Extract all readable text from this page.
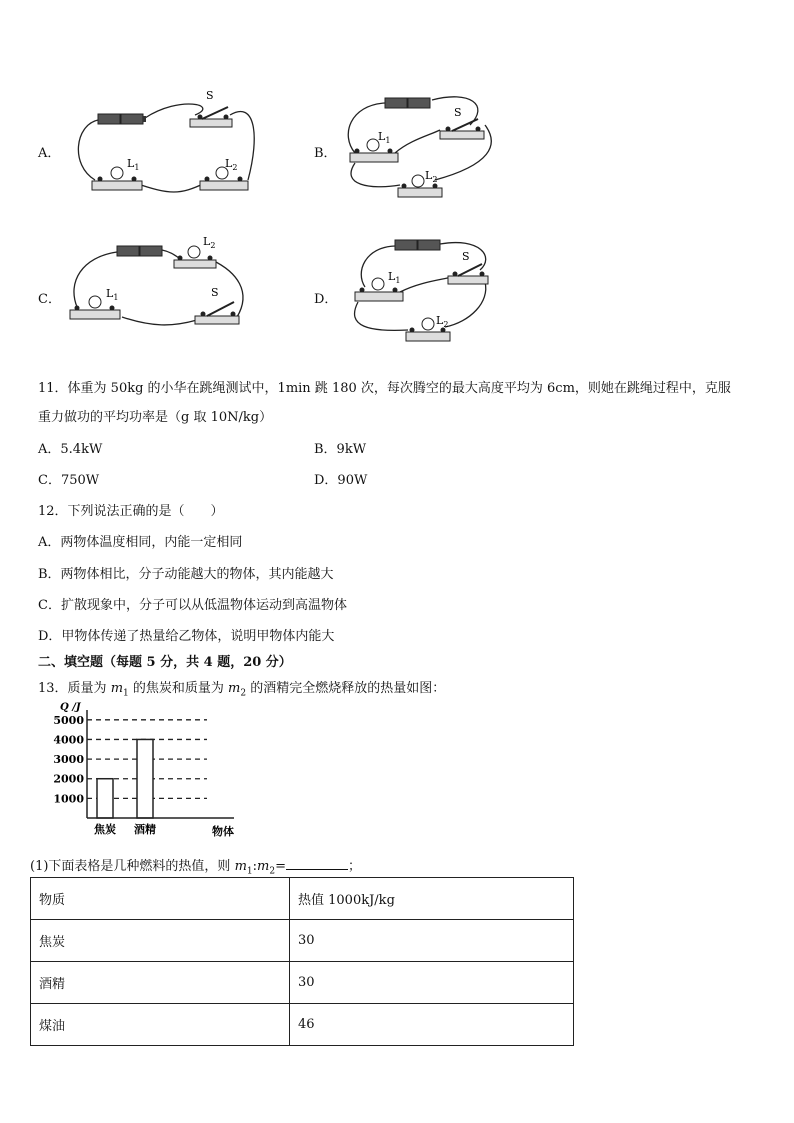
A．
S
$L_1$	$L_2$
B．
S
$L_1$
$L_2$
C．
$L_2$
$L_1$	S	D．
S
$L_1$
$L_2$
11．体重为 50kg 的小华在跳绳测试中，1min 跳 180 次，每次腾空的最大高度平均为 6cm，则她在跳绳过程中，克服
重力做功的平均功率是（g 取 10N/kg）
A．5.4kW	B．9kW
C．750W	D．90W
12．下列说法正确的是（　　）
A．两物体温度相同，内能一定相同
B．两物体相比，分子动能越大的物体，其内能越大
C．扩散现象中，分子可以从低温物体运动到高温物体
D．甲物体传递了热量给乙物体，说明甲物体内能大
二、填空题（每题 5 分，共 4 题，20 分）
13．质量为 $m_1$ 的焦炭和质量为 $m_2$ 的酒精完全燃烧释放的热量如图：
1000
2000
3000
4000
5000
焦炭 酒精
Q /J
物体
(1)下面表格是几种燃料的热值，则 $m_1:m_2=$	；
物质	热值 1000kJ/kg
焦炭	30
酒精	30
煤油	46
